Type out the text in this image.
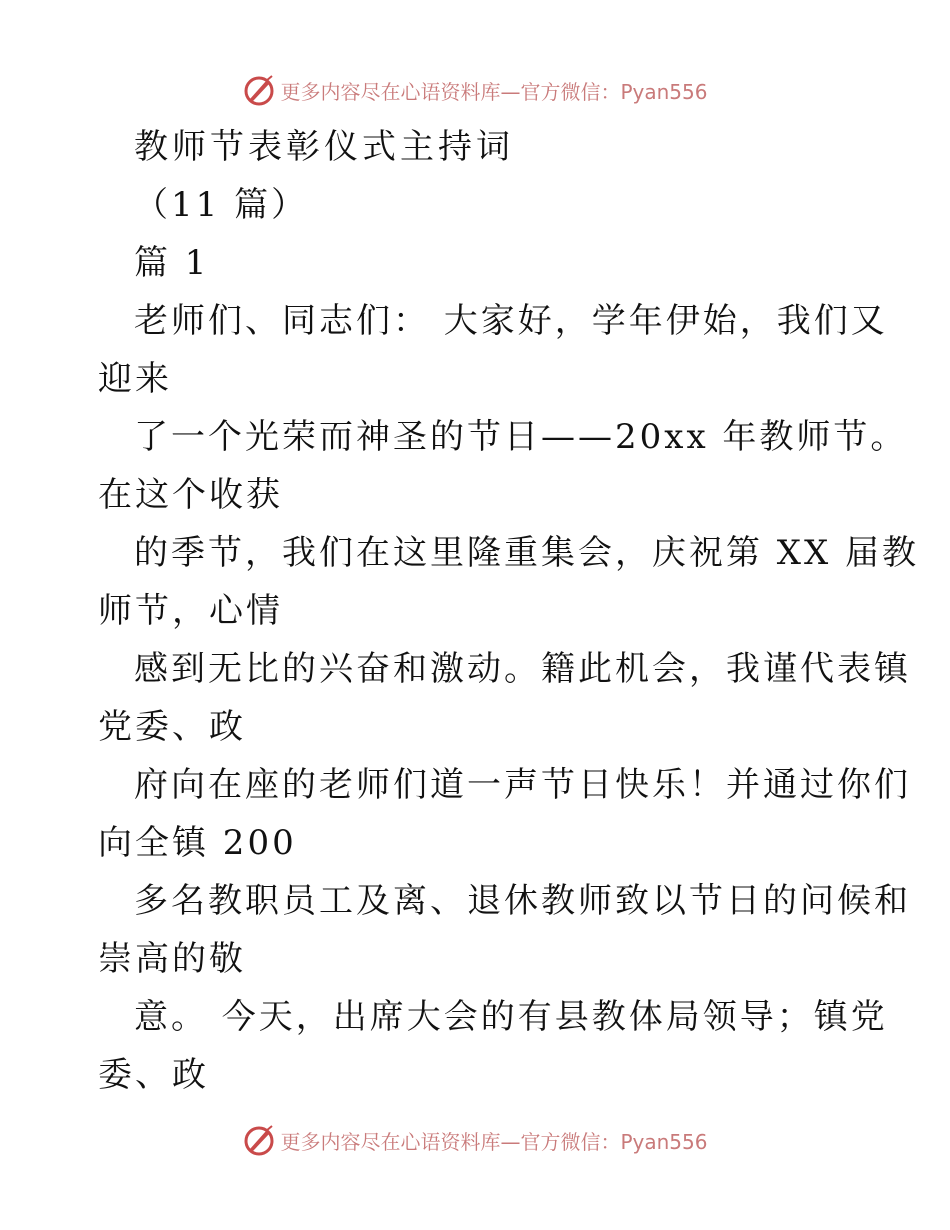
更多内容尽在心语资料库—官方微信：Pyan556
教师节表彰仪式主持词
（11 篇）
篇 1
老师们、同志们： 大家好，学年伊始，我们又
迎来
了一个光荣而神圣的节日——20xx 年教师节。
在这个收获
的季节，我们在这里隆重集会，庆祝第 XX 届教
师节，心情
感到无比的兴奋和激动。籍此机会，我谨代表镇
党委、政
府向在座的老师们道一声节日快乐！并通过你们
向全镇 200
多名教职员工及离、退休教师致以节日的问候和
崇高的敬
意。 今天，出席大会的有县教体局领导；镇党
委、政
更多内容尽在心语资料库—官方微信：Pyan556
